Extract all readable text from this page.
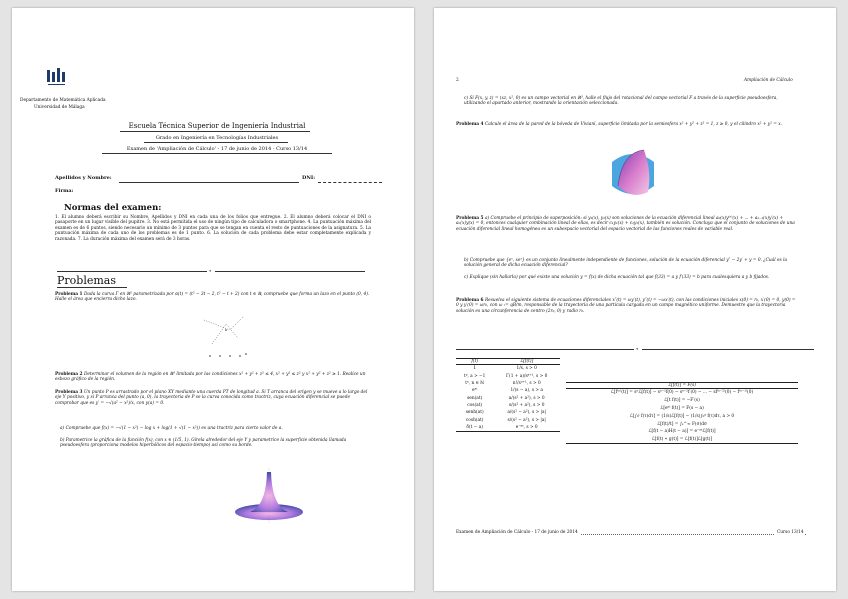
Departamento de Matemática Aplicada
Universidad de Málaga
Escuela Técnica Superior de Ingeniería Industrial
Grado en Ingeniería en Tecnologías Industriales
Examen de 'Ampliación de Cálculo' - 17 de junio de 2014 - Curso 13/14
Apellidos y Nombre:	DNI:
Firma:
Normas del examen:
1. El alumno deberá escribir su Nombre, Apellidos y DNI en cada una de los folios que entregue. 2. El alumno deberá colocar el DNI o pasaporte en un lugar visible del pupitre. 3. No está permitida el uso de ningún tipo de calculadora o smartphone. 4. La puntuación máxima del examen es de 6 puntos, siendo necesario un mínimo de 3 puntos para que se tengan en cuenta el resto de puntuaciones de la asignatura. 5. La puntuación máxima de cada uno de los problemas es de 1 punto. 6. La solución de cada problema debe estar completamente explicada y razonada. 7. La duración máxima del examen será de 3 horas.
⋄
Problemas
Problema 1 Dada la curva Γ en ℝ² parametrizada por α(t) = (t² − 3t − 2, t² − t + 2) con t ∈ ℝ, compruebe que forma un lazo en el punto (0, 4). Halle el área que encierra dicho lazo.
Problema 2 Determinar el volumen de la región en ℝ³ limitada por las condiciones x² + y² + z² ≤ 4, x² + y² ≤ z² y x² + y² + z² ≥ 1. Realice un esbozo gráfico de la región.
Problema 3 Un punto P es arrastrado por el plano XY mediante una cuerda PT de longitud a. Si T arranca del origen y se mueve a lo largo del eje Y positivo, y si P arranca del punto (a, 0), la trayectoria de P se la curva conocida como tractriz, cuya ecuación diferencial se puede comprobar que es y′ = −√(a² − x²)/x, con y(a) = 0.
a) Compruebe que f(x) = −√(1 − x²) − log x + log(1 + √(1 − x²)) es una tractriz para cierto valor de a.
b) Parametrice la gráfica de la función f(x), con x ∈ (1/5, 1). Gírela alrededor del eje Y y parametrice la superficie obtenida llamada pseudoesfera (proporciona modelos hiperbólicos del espacio-tiempo) así como su borde.
2	Ampliación de Cálculo
c) Si F(x, y, z) = (xz, x², 0) es un campo vectorial en ℝ³, halle el flujo del rotacional del campo vectorial F a través de la superficie pseudoesfera, utilizando el apartado anterior, mostrando la orientación seleccionada.
Problema 4 Calcule el área de la pared de la bóveda de Viviani, superficie limitada por la semiesfera x² + y² + z² = 1, z ≥ 0, y el cilindro x² + y² = x.
Problema 5 a) Compruebe el principio de superposición: si y₁(x), y₂(x) son soluciones de la ecuación diferencial lineal a₀(x)y⁽ⁿ⁾(x) + ... + aₙ₋₁(x)y′(x) + aₙ(x)y(x) = 0, entonces cualquier combinación lineal de ellas, es decir c₁y₁(x) + c₂y₂(x), también es solución. Concluya que el conjunto de soluciones de una ecuación diferencial lineal homogénea es un subespacio vectorial del espacio vectorial de las funciones reales de variable real.
b) Compruebe que {eˣ, xeˣ} es un conjunto linealmente independiente de funciones, solución de la ecuación diferencial y″ − 2y′ + y = 0. ¿Cuál es la solución general de dicha ecuación diferencial?
c) Explique (sin hallarla) por qué existe una solución y = f(x) de dicha ecuación tal que f(33) = a y f′(33) = b para cualesquiera a y b fijados.
Problema 6 Resuelva el siguiente sistema de ecuaciones diferenciales x″(t) = ωy′(t), y″(t) = −ωx′(t), con las condiciones iniciales x(0) = r₀, x′(0) = 0, y(0) = 0 y y′(0) = ωr₀, con ω := qB/m, responsable de la trayectoria de una partícula cargada en un campo magnético uniforme. Demuestre que la trayectoria solución es una circunferencia de centro (2r₀, 0) y radio r₀.
⋄
f(t)	ℒ[f(t)]
1	1/s, s > 0
tᵖ, a > −1	Γ(1 + a)/sᵃ⁺¹, s > 0
tⁿ, n ∈ ℕ	n!/sⁿ⁺¹, s > 0
eᵃᵗ	1/(s − a), s > a
sen(at)	a/(s² + a²), s > 0
cos(at)	s/(s² + a²), s > 0
senh(at)	a/(s² − a²), s > |a|
cosh(at)	s/(s² − a²), s > |a|
δ(t − a)	e⁻ᵃˢ, s > 0
ℒ[f(t)] = F(s)
ℒ[f⁽ⁿ⁾(t)] = sⁿℒ[f(t)] − sⁿ⁻¹f(0) − sⁿ⁻²f′(0) − ... − sf⁽ⁿ⁻²⁾(0) − f⁽ⁿ⁻¹⁾(0)
ℒ[t f(t)] = −F′(s)
ℒ[eᵃᵗ f(t)] = F(s − a)
ℒ[∫₀ᵗ f(τ)dτ] = (1/s)ℒ[f(t)] − (1/s)∫₀ᵃ f(τ)dτ, a > 0
ℒ[f(t)/t] = ∫ₛ^∞ F(σ)dσ
ℒ[f(t − a)H(t − a)] = e⁻ᵃˢℒ[f(t)]
ℒ[f(t) ∗ g(t)] = ℒ[f(t)]ℒ[g(t)]
Examen de Ampliación de Cálculo - 17 de junio de 2014	Curso 13/14
